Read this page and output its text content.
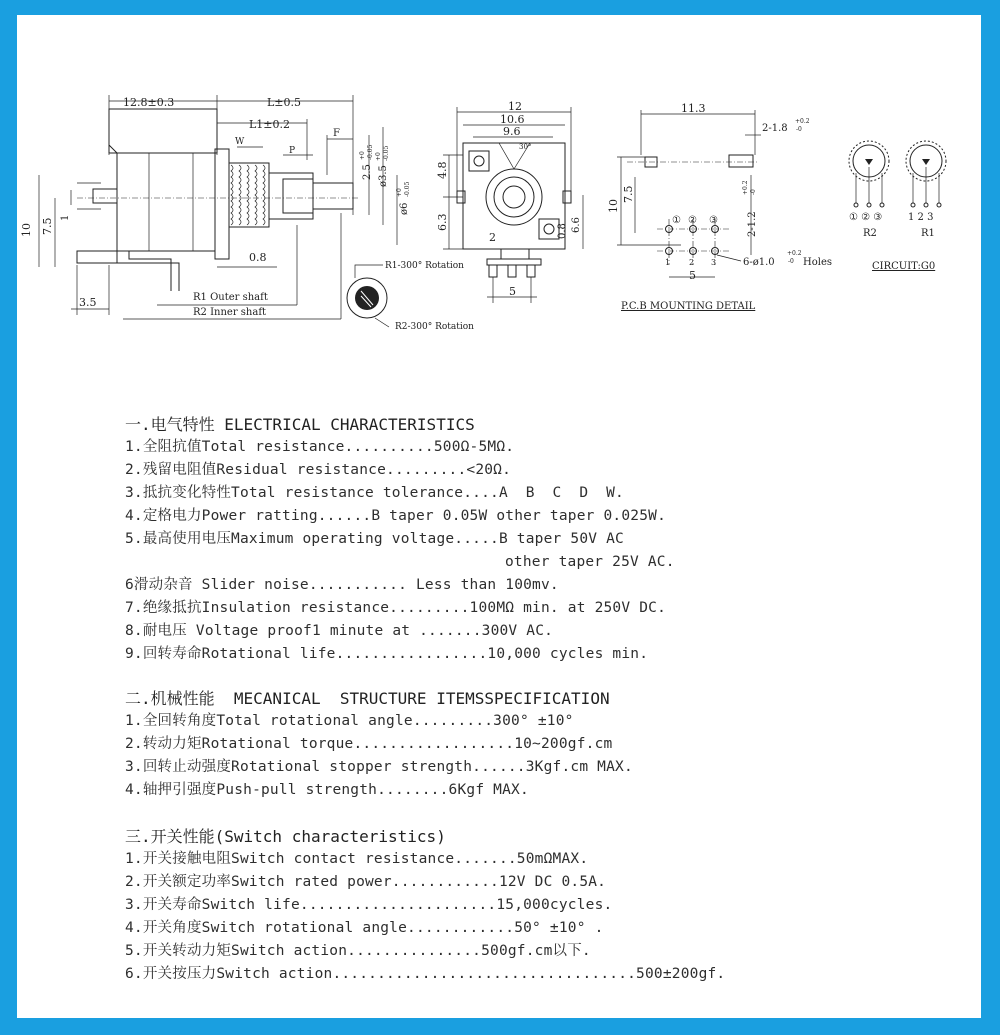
12.8±0.3	L±0.5
L1±0.2
W
F
P
2.5
+0 -0.05
ø3.5
+0 -0.05
ø6
+0 -0.05
10 7.5 1
0.8
3.5	R1 Outer shaft
R2 Inner shaft
R1-300° Rotation
R2-300° Rotation
12
10.6
9.6
30°
4.8
6.3
2	0.8 6.6
5
11.3
2-1.8
+0.2
-0
10
7.5
① ② ③
1 2 3
2-1.2
+0.2 -0
5
6-ø1.0
+0.2
-0 Holes
P.C.B MOUNTING DETAIL
① ② ③	1 2 3
R2	R1
CIRCUIT:G0
一.电气特性 ELECTRICAL CHARACTERISTICS
1.全阻抗值Total resistance..........500Ω-5MΩ.
2.残留电阻值Residual resistance.........<20Ω.
3.抵抗变化特性Total resistance tolerance....A  B  C  D  W.
4.定格电力Power ratting......B taper 0.05W other taper 0.025W.
5.最高使用电压Maximum operating voltage.....B taper 50V AC
other taper 25V AC.
6滑动杂音 Slider noise........... Less than 100mv.
7.绝缘抵抗Insulation resistance.........100MΩ min. at 250V DC.
8.耐电压 Voltage proof1 minute at .......300V AC.
9.回转寿命Rotational life.................10,000 cycles min.
二.机械性能  MECANICAL  STRUCTURE ITEMSSPECIFICATION
1.全回转角度Total rotational angle.........300° ±10°
2.转动力矩Rotational torque..................10~200gf.cm
3.回转止动强度Rotational stopper strength......3Kgf.cm MAX.
4.轴押引强度Push-pull strength........6Kgf MAX.
三.开关性能(Switch characteristics)
1.开关接触电阻Switch contact resistance.......50mΩMAX.
2.开关额定功率Switch rated power............12V DC 0.5A.
3.开关寿命Switch life......................15,000cycles.
4.开关角度Switch rotational angle............50° ±10° .
5.开关转动力矩Switch action...............500gf.cm以下.
6.开关按压力Switch action..................................500±200gf.
